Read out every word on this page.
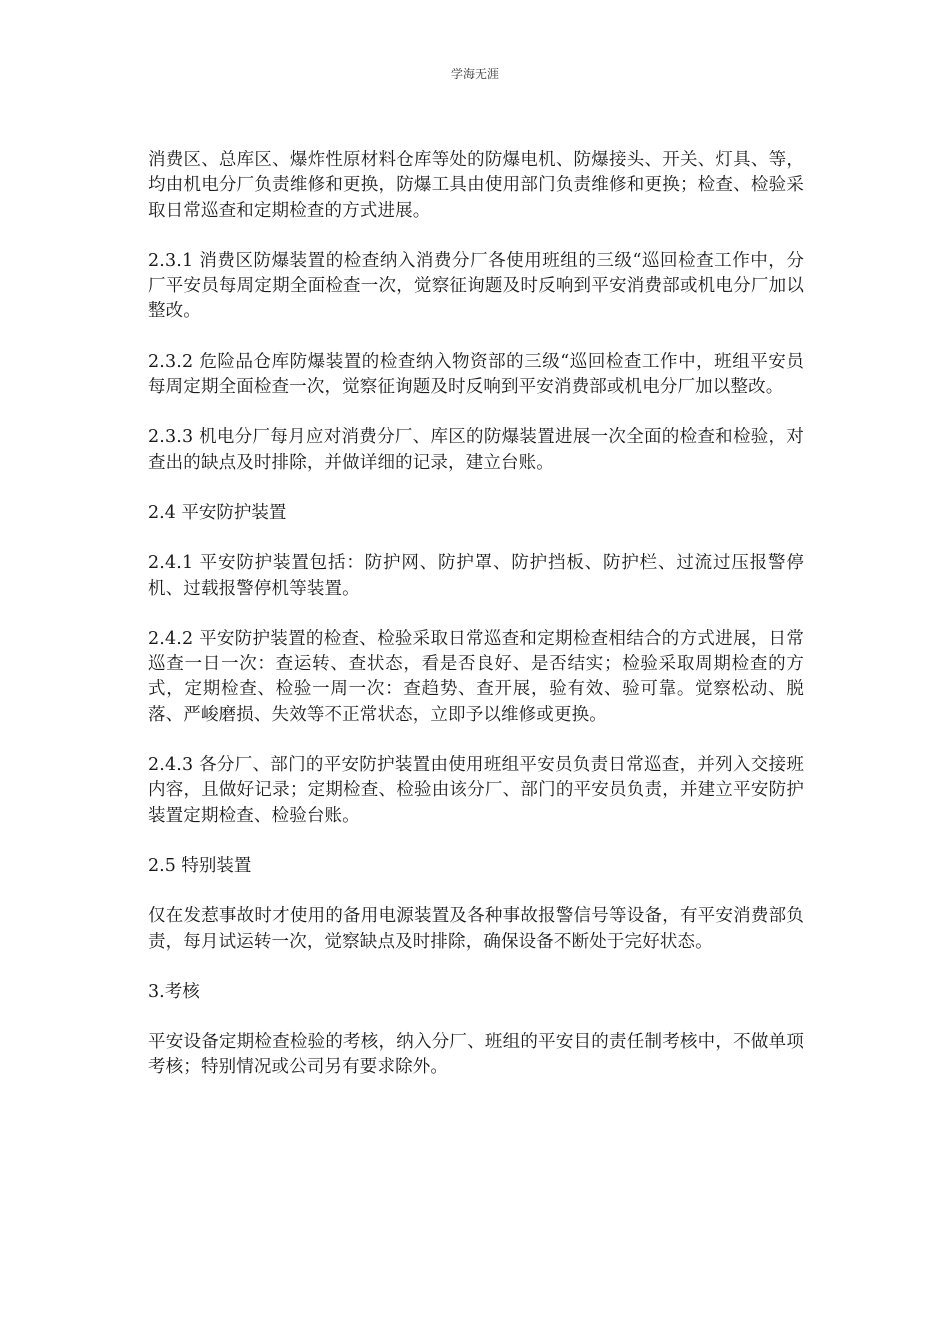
学海无涯

消费区、总库区、爆炸性原材料仓库等处的防爆电机、防爆接头、开关、灯具、等，均由机电分厂负责维修和更换，防爆工具由使用部门负责维修和更换；检查、检验采取日常巡查和定期检查的方式进展。

2.3.1 消费区防爆装置的检查纳入消费分厂各使用班组的三级“巡回检查工作中，分厂平安员每周定期全面检查一次，觉察征询题及时反响到平安消费部或机电分厂加以整改。

2.3.2 危险品仓库防爆装置的检查纳入物资部的三级“巡回检查工作中，班组平安员每周定期全面检查一次，觉察征询题及时反响到平安消费部或机电分厂加以整改。

2.3.3 机电分厂每月应对消费分厂、库区的防爆装置进展一次全面的检查和检验，对查出的缺点及时排除，并做详细的记录，建立台账。

2.4 平安防护装置

2.4.1 平安防护装置包括：防护网、防护罩、防护挡板、防护栏、过流过压报警停机、过载报警停机等装置。

2.4.2 平安防护装置的检查、检验采取日常巡查和定期检查相结合的方式进展，日常巡查一日一次：查运转、查状态，看是否良好、是否结实；检验采取周期检查的方式，定期检查、检验一周一次：查趋势、查开展，验有效、验可靠。觉察松动、脱落、严峻磨损、失效等不正常状态，立即予以维修或更换。

2.4.3 各分厂、部门的平安防护装置由使用班组平安员负责日常巡查，并列入交接班内容，且做好记录；定期检查、检验由该分厂、部门的平安员负责，并建立平安防护装置定期检查、检验台账。

2.5 特别装置

仅在发惹事故时才使用的备用电源装置及各种事故报警信号等设备，有平安消费部负责，每月试运转一次，觉察缺点及时排除，确保设备不断处于完好状态。

3.考核

平安设备定期检查检验的考核，纳入分厂、班组的平安目的责任制考核中，不做单项考核；特别情况或公司另有要求除外。
